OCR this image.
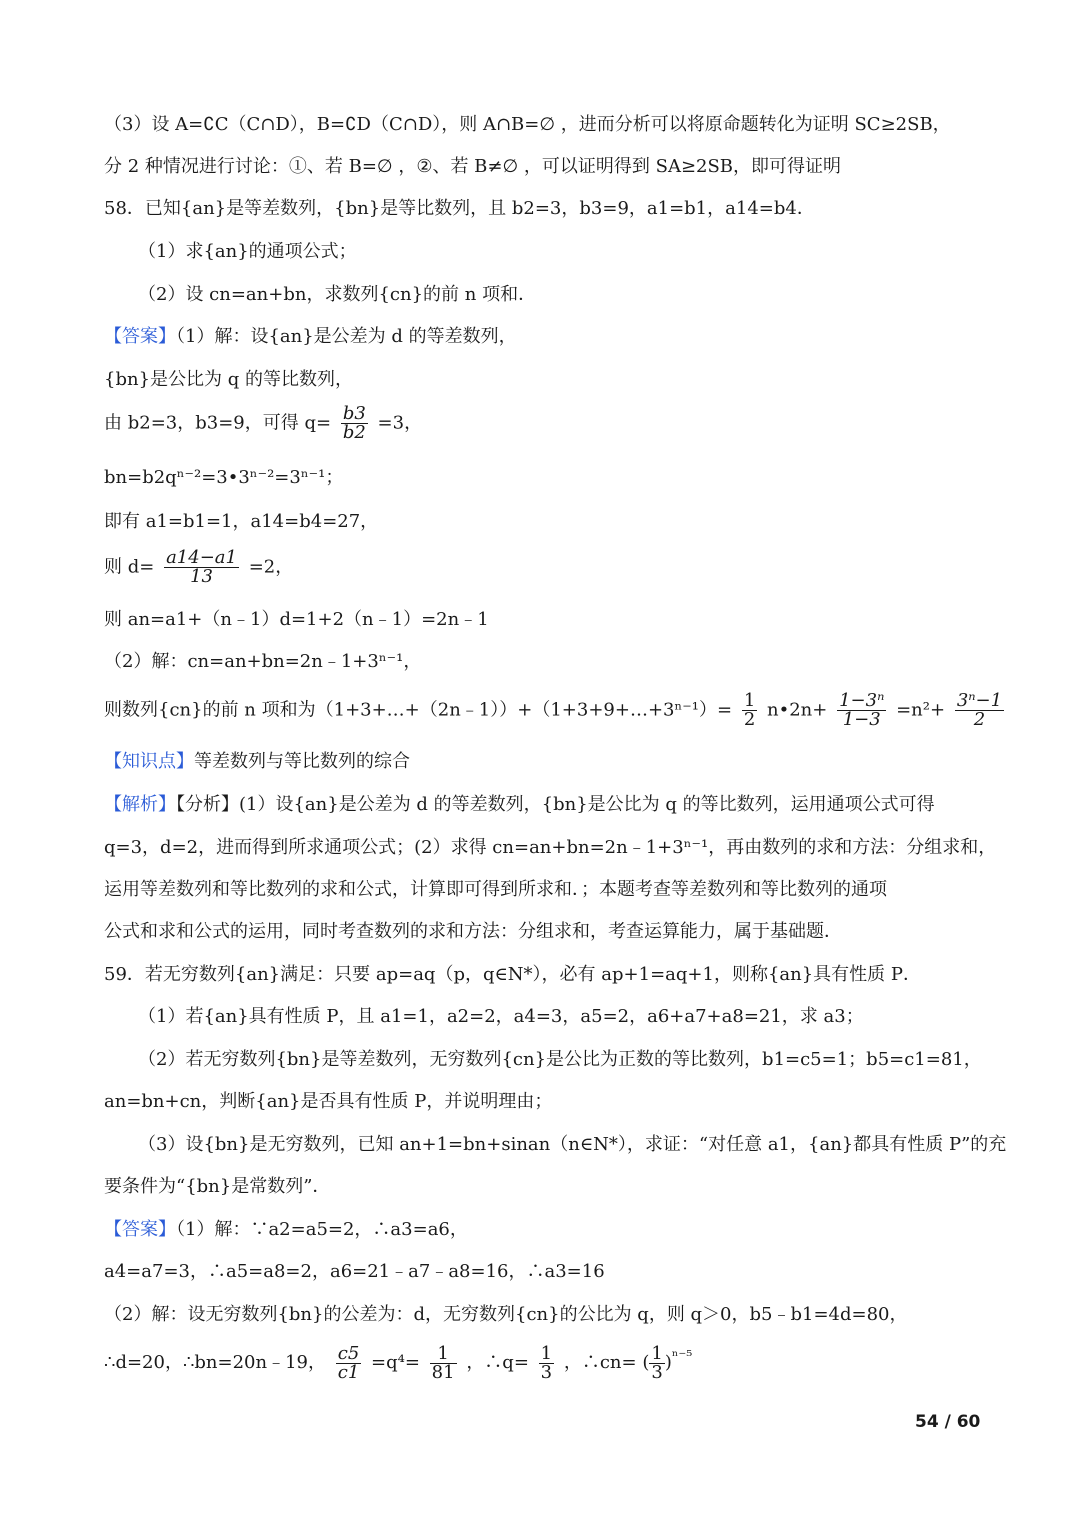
（3）设 A=∁C（C∩D），B=∁D（C∩D），则 A∩B=∅ ，进而分析可以将原命题转化为证明 SC≥2SB，
分 2 种情况进行讨论：①、若 B=∅ ，②、若 B≠∅ ，可以证明得到 SA≥2SB，即可得证明
58．已知{an}是等差数列，{bn}是等比数列，且 b2=3，b3=9，a1=b1，a14=b4．
（1）求{an}的通项公式；
（2）设 cn=an+bn，求数列{cn}的前 n 项和．
【答案】（1）解：设{an}是公差为 d 的等差数列，
{bn}是公比为 q 的等比数列，
由 b2=3，b3=9，可得 $q= \frac{b3}{b2} =3$，
bn=b2qⁿ⁻²=3•3ⁿ⁻²=3ⁿ⁻¹；
即有 a1=b1=1，a14=b4=27，
则 $d= \frac{a14-a1}{13} =2$，
则 an=a1+（n﹣1）d=1+2（n﹣1）=2n﹣1
（2）解：cn=an+bn=2n﹣1+3ⁿ⁻¹，
则数列{cn}的前 n 项和为（1+3+…+（2n﹣1））+（1+3+9+…+3ⁿ⁻¹）= $\frac{1}{2}$ n•2n+ $\frac{\text{1−3ⁿ}}{1-3} =n^2+ \frac{\text{3ⁿ−1}}{2}$
【知识点】等差数列与等比数列的综合
【解析】【分析】(1）设{an}是公差为 d 的等差数列，{bn}是公比为 q 的等比数列，运用通项公式可得
q=3，d=2，进而得到所求通项公式；(2）求得 cn=an+bn=2n﹣1+3ⁿ⁻¹，再由数列的求和方法：分组求和，
运用等差数列和等比数列的求和公式，计算即可得到所求和．；本题考查等差数列和等比数列的通项
公式和求和公式的运用，同时考查数列的求和方法：分组求和，考查运算能力，属于基础题．
59．若无穷数列{an}满足：只要 ap=aq（p，q∈N*），必有 ap+1=aq+1，则称{an}具有性质 P．
（1）若{an}具有性质 P，且 a1=1，a2=2，a4=3，a5=2，a6+a7+a8=21，求 a3；
（2）若无穷数列{bn}是等差数列，无穷数列{cn}是公比为正数的等比数列，b1=c5=1；b5=c1=81，
an=bn+cn，判断{an}是否具有性质 P，并说明理由；
（3）设{bn}是无穷数列，已知 an+1=bn+sinan（n∈N*），求证：“对任意 a1，{an}都具有性质 P”的充
要条件为“{bn}是常数列”．
【答案】（1）解：∵a2=a5=2，∴a3=a6，
a4=a7=3，∴a5=a8=2，a6=21﹣a7﹣a8=16，∴a3=16
（2）解：设无穷数列{bn}的公差为：d，无穷数列{cn}的公比为 q，则 q＞0，b5﹣b1=4d=80，
∴d=20，∴bn=20n﹣19， $\frac{c5}{c1} =q^4= \frac{1}{81}$ ，∴q= $\frac{1}{3}$ ，∴cn= ( $\frac{1}{3} )^{^{n-5}}$
54 / 60
